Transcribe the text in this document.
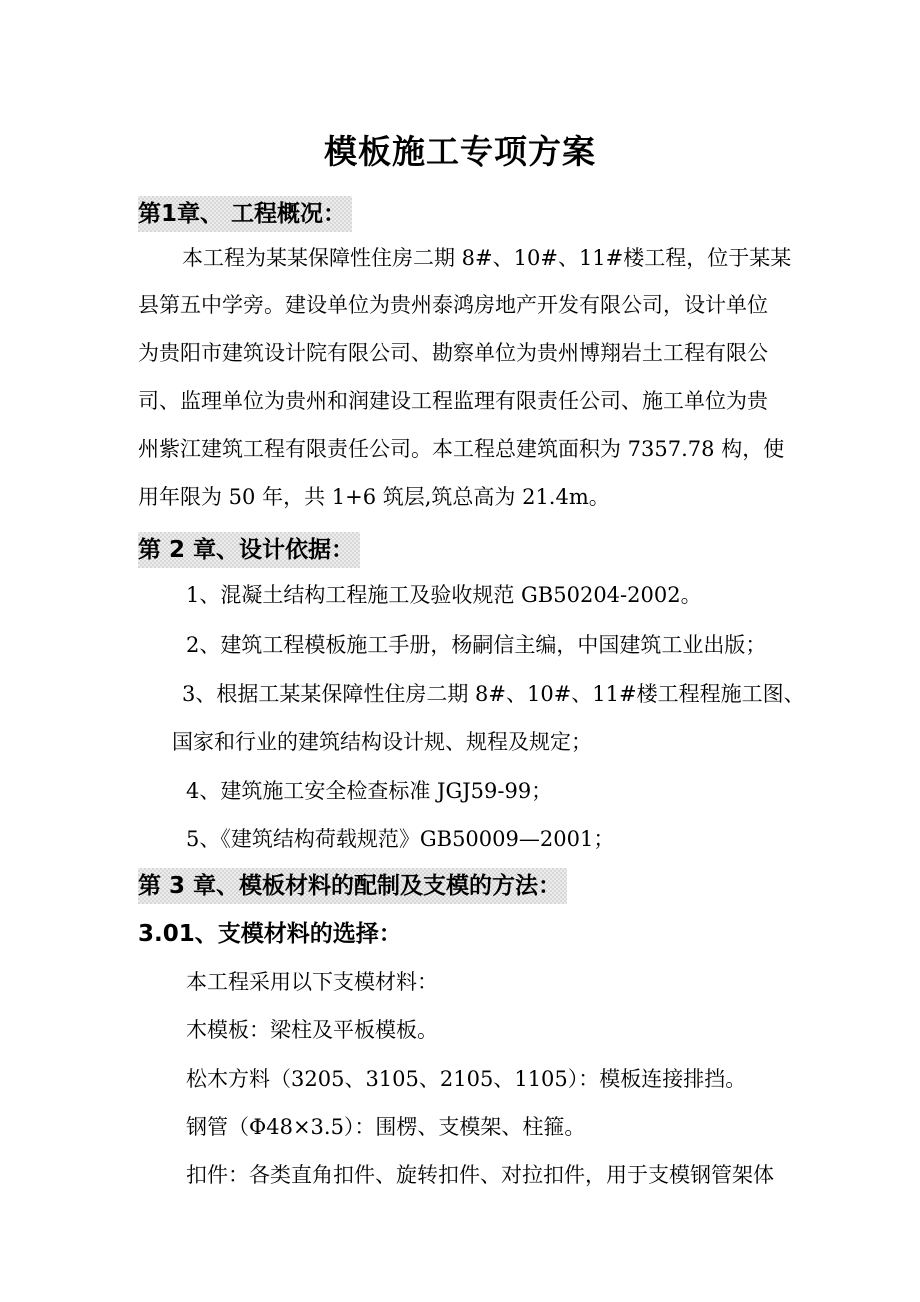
模板施工专项方案
第1章、 工程概况：
本工程为某某保障性住房二期 8#、10#、11#楼工程，位于某某
县第五中学旁。建设单位为贵州泰鸿房地产开发有限公司，设计单位
为贵阳市建筑设计院有限公司、勘察单位为贵州博翔岩土工程有限公
司、监理单位为贵州和润建设工程监理有限责任公司、施工单位为贵
州紫江建筑工程有限责任公司。本工程总建筑面积为 7357.78 构，使
用年限为 50 年，共 1+6 筑层,筑总高为 21.4m。
第 2 章、设计依据：
1、混凝土结构工程施工及验收规范 GB50204-2002。
2、建筑工程模板施工手册，杨嗣信主编，中国建筑工业出版；
3、根据工某某保障性住房二期 8#、10#、11#楼工程程施工图、
国家和行业的建筑结构设计规、规程及规定；
4、建筑施工安全检查标准 JGJ59-99；
5、《建筑结构荷载规范》GB50009—2001；
第 3 章、模板材料的配制及支模的方法：
3.01、支模材料的选择：
本工程采用以下支模材料：
木模板：梁柱及平板模板。
松木方料（3205、3105、2105、1105）：模板连接排挡。
钢管（Φ48×3.5）：围楞、支模架、柱箍。
扣件：各类直角扣件、旋转扣件、对拉扣件，用于支模钢管架体
